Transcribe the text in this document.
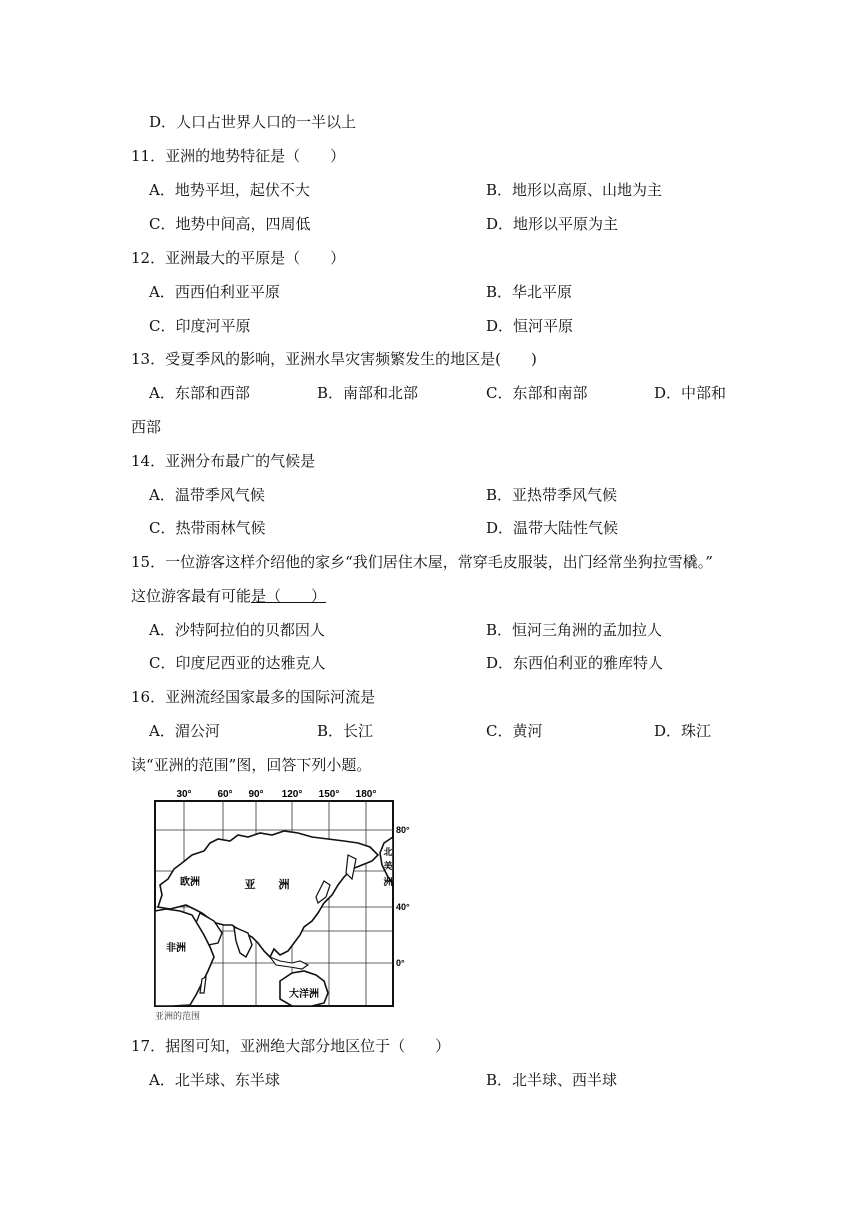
D．人口占世界人口的一半以上
11．亚洲的地势特征是（　　）
A．地势平坦，起伏不大	B．地形以高原、山地为主
C．地势中间高，四周低	D．地形以平原为主
12．亚洲最大的平原是（　　）
A．西西伯利亚平原	B．华北平原
C．印度河平原	D．恒河平原
13．受夏季风的影响，亚洲水旱灾害频繁发生的地区是(　　)
A．东部和西部	B．南部和北部	C．东部和南部	D．中部和
西部
14．亚洲分布最广的气候是
A．温带季风气候	B．亚热带季风气候
C．热带雨林气候	D．温带大陆性气候
15．一位游客这样介绍他的家乡“我们居住木屋，常穿毛皮服装，出门经常坐狗拉雪橇。”
这位游客最有可能是（　　）
A．沙特阿拉伯的贝都因人	B．恒河三角洲的孟加拉人
C．印度尼西亚的达雅克人	D．东西伯利亚的雅库特人
16．亚洲流经国家最多的国际河流是
A．湄公河	B．长江	C．黄河	D．珠江
读“亚洲的范围”图，回答下列小题。
30°	60° 90° 120° 150° 180°
欧洲	亚 洲
非洲
大洋洲
北
美
洲
80°
40°
0°
亚洲的范围
17．据图可知，亚洲绝大部分地区位于（　　）
A．北半球、东半球	B．北半球、西半球
